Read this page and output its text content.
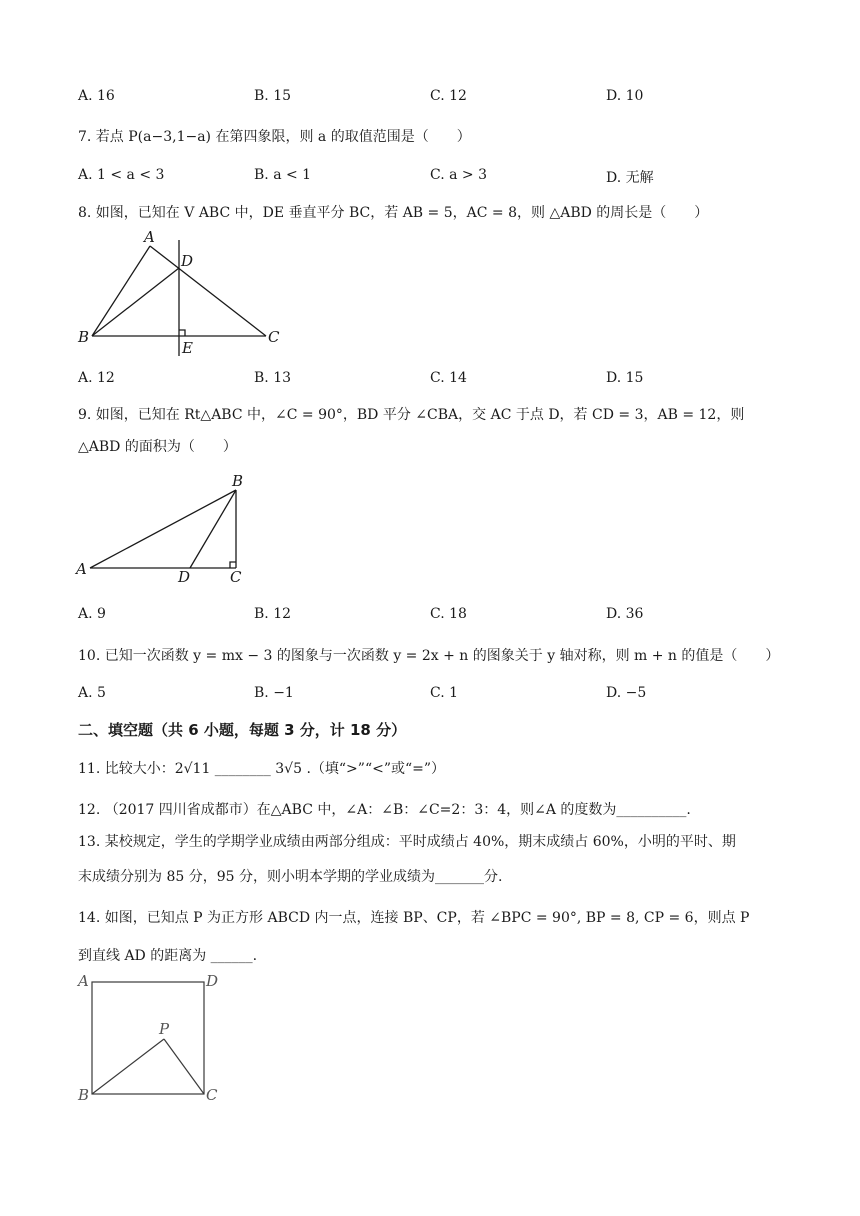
A. 16	B. 15	C. 12	D. 10
7. 若点 P(a−3,1−a) 在第四象限，则 a 的取值范围是（　　）
A. 1 < a < 3	B. a < 1	C. a > 3	D. 无解
8. 如图，已知在 V ABC 中，DE 垂直平分 BC，若 AB = 5，AC = 8，则 △ABD 的周长是（　　）
A
D
B	C
E
A. 12	B. 13	C. 14	D. 15
9. 如图，已知在 Rt△ABC 中，∠C = 90°，BD 平分 ∠CBA，交 AC 于点 D，若 CD = 3，AB = 12，则
△ABD 的面积为（　　）
B
A	D	C
A. 9	B. 12	C. 18	D. 36
10. 已知一次函数 y = mx − 3 的图象与一次函数 y = 2x + n 的图象关于 y 轴对称，则 m + n 的值是（　　）
A. 5	B. −1	C. 1	D. −5
二、填空题（共 6 小题，每题 3 分，计 18 分）
11. 比较大小：2√11 ________ 3√5 .（填“>”“<”或“=”）
12. （2017 四川省成都市）在△ABC 中，∠A：∠B：∠C=2：3：4，则∠A 的度数为__________.
13. 某校规定，学生的学期学业成绩由两部分组成：平时成绩占 40%，期末成绩占 60%，小明的平时、期
末成绩分别为 85 分，95 分，则小明本学期的学业成绩为_______分.
14. 如图，已知点 P 为正方形 ABCD 内一点，连接 BP、CP，若 ∠BPC = 90°, BP = 8, CP = 6，则点 P
到直线 AD 的距离为 ______.
A	D
P
B	C
